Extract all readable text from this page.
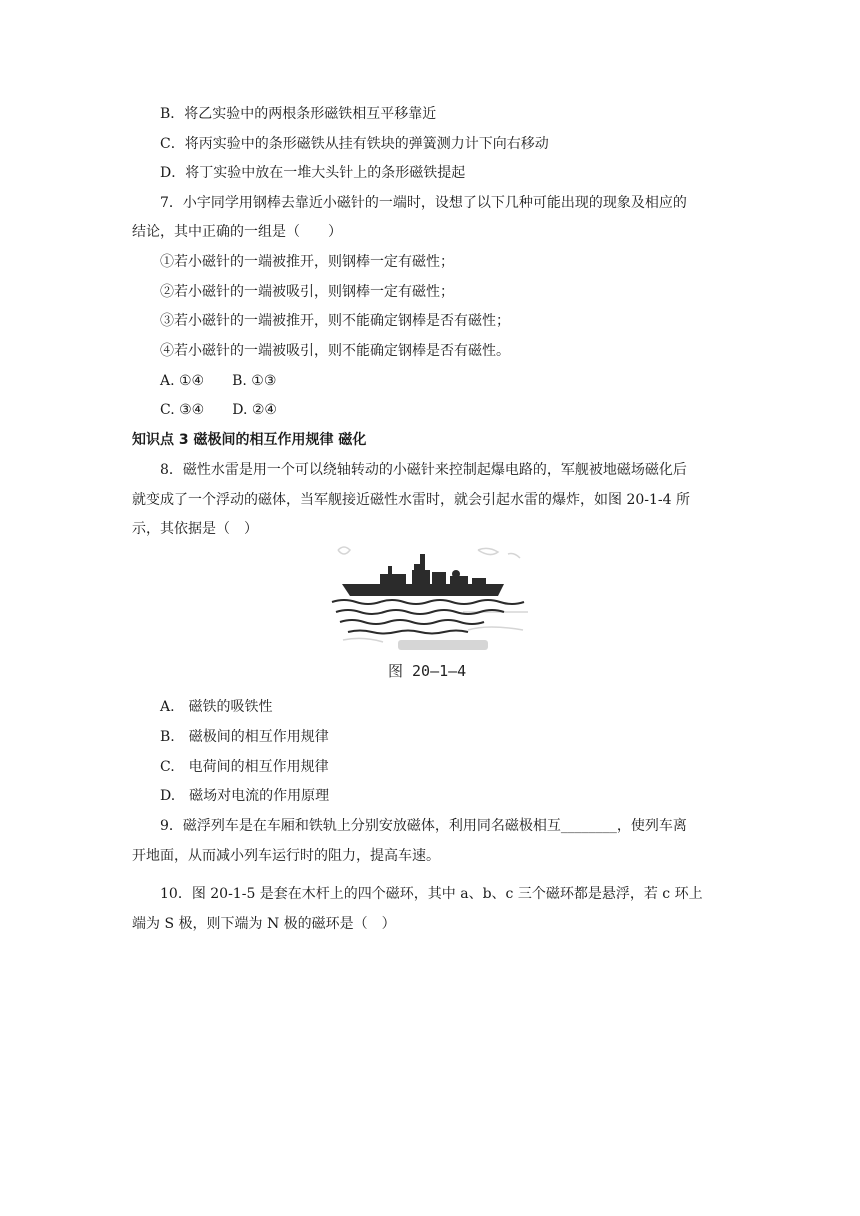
B．将乙实验中的两根条形磁铁相互平移靠近
C．将丙实验中的条形磁铁从挂有铁块的弹簧测力计下向右移动
D．将丁实验中放在一堆大头针上的条形磁铁提起
7．小宇同学用钢棒去靠近小磁针的一端时，设想了以下几种可能出现的现象及相应的
结论，其中正确的一组是（　　）
①若小磁针的一端被推开，则钢棒一定有磁性；
②若小磁针的一端被吸引，则钢棒一定有磁性；
③若小磁针的一端被推开，则不能确定钢棒是否有磁性；
④若小磁针的一端被吸引，则不能确定钢棒是否有磁性。
A. ①④　　B. ①③
C. ③④　　D. ②④
知识点 3 磁极间的相互作用规律 磁化
8．磁性水雷是用一个可以绕轴转动的小磁针来控制起爆电路的，军舰被地磁场磁化后
就变成了一个浮动的磁体，当军舰接近磁性水雷时，就会引起水雷的爆炸，如图 20-1-4 所
示，其依据是（　）
图 20—1—4
A.　磁铁的吸铁性
B.　磁极间的相互作用规律
C.　电荷间的相互作用规律
D.　磁场对电流的作用原理
9．磁浮列车是在车厢和铁轨上分别安放磁体，利用同名磁极相互________，使列车离
开地面，从而减小列车运行时的阻力，提高车速。
10．图 20-1-5 是套在木杆上的四个磁环，其中 a、b、c 三个磁环都是悬浮，若 c 环上
端为 S 极，则下端为 N 极的磁环是（　）
